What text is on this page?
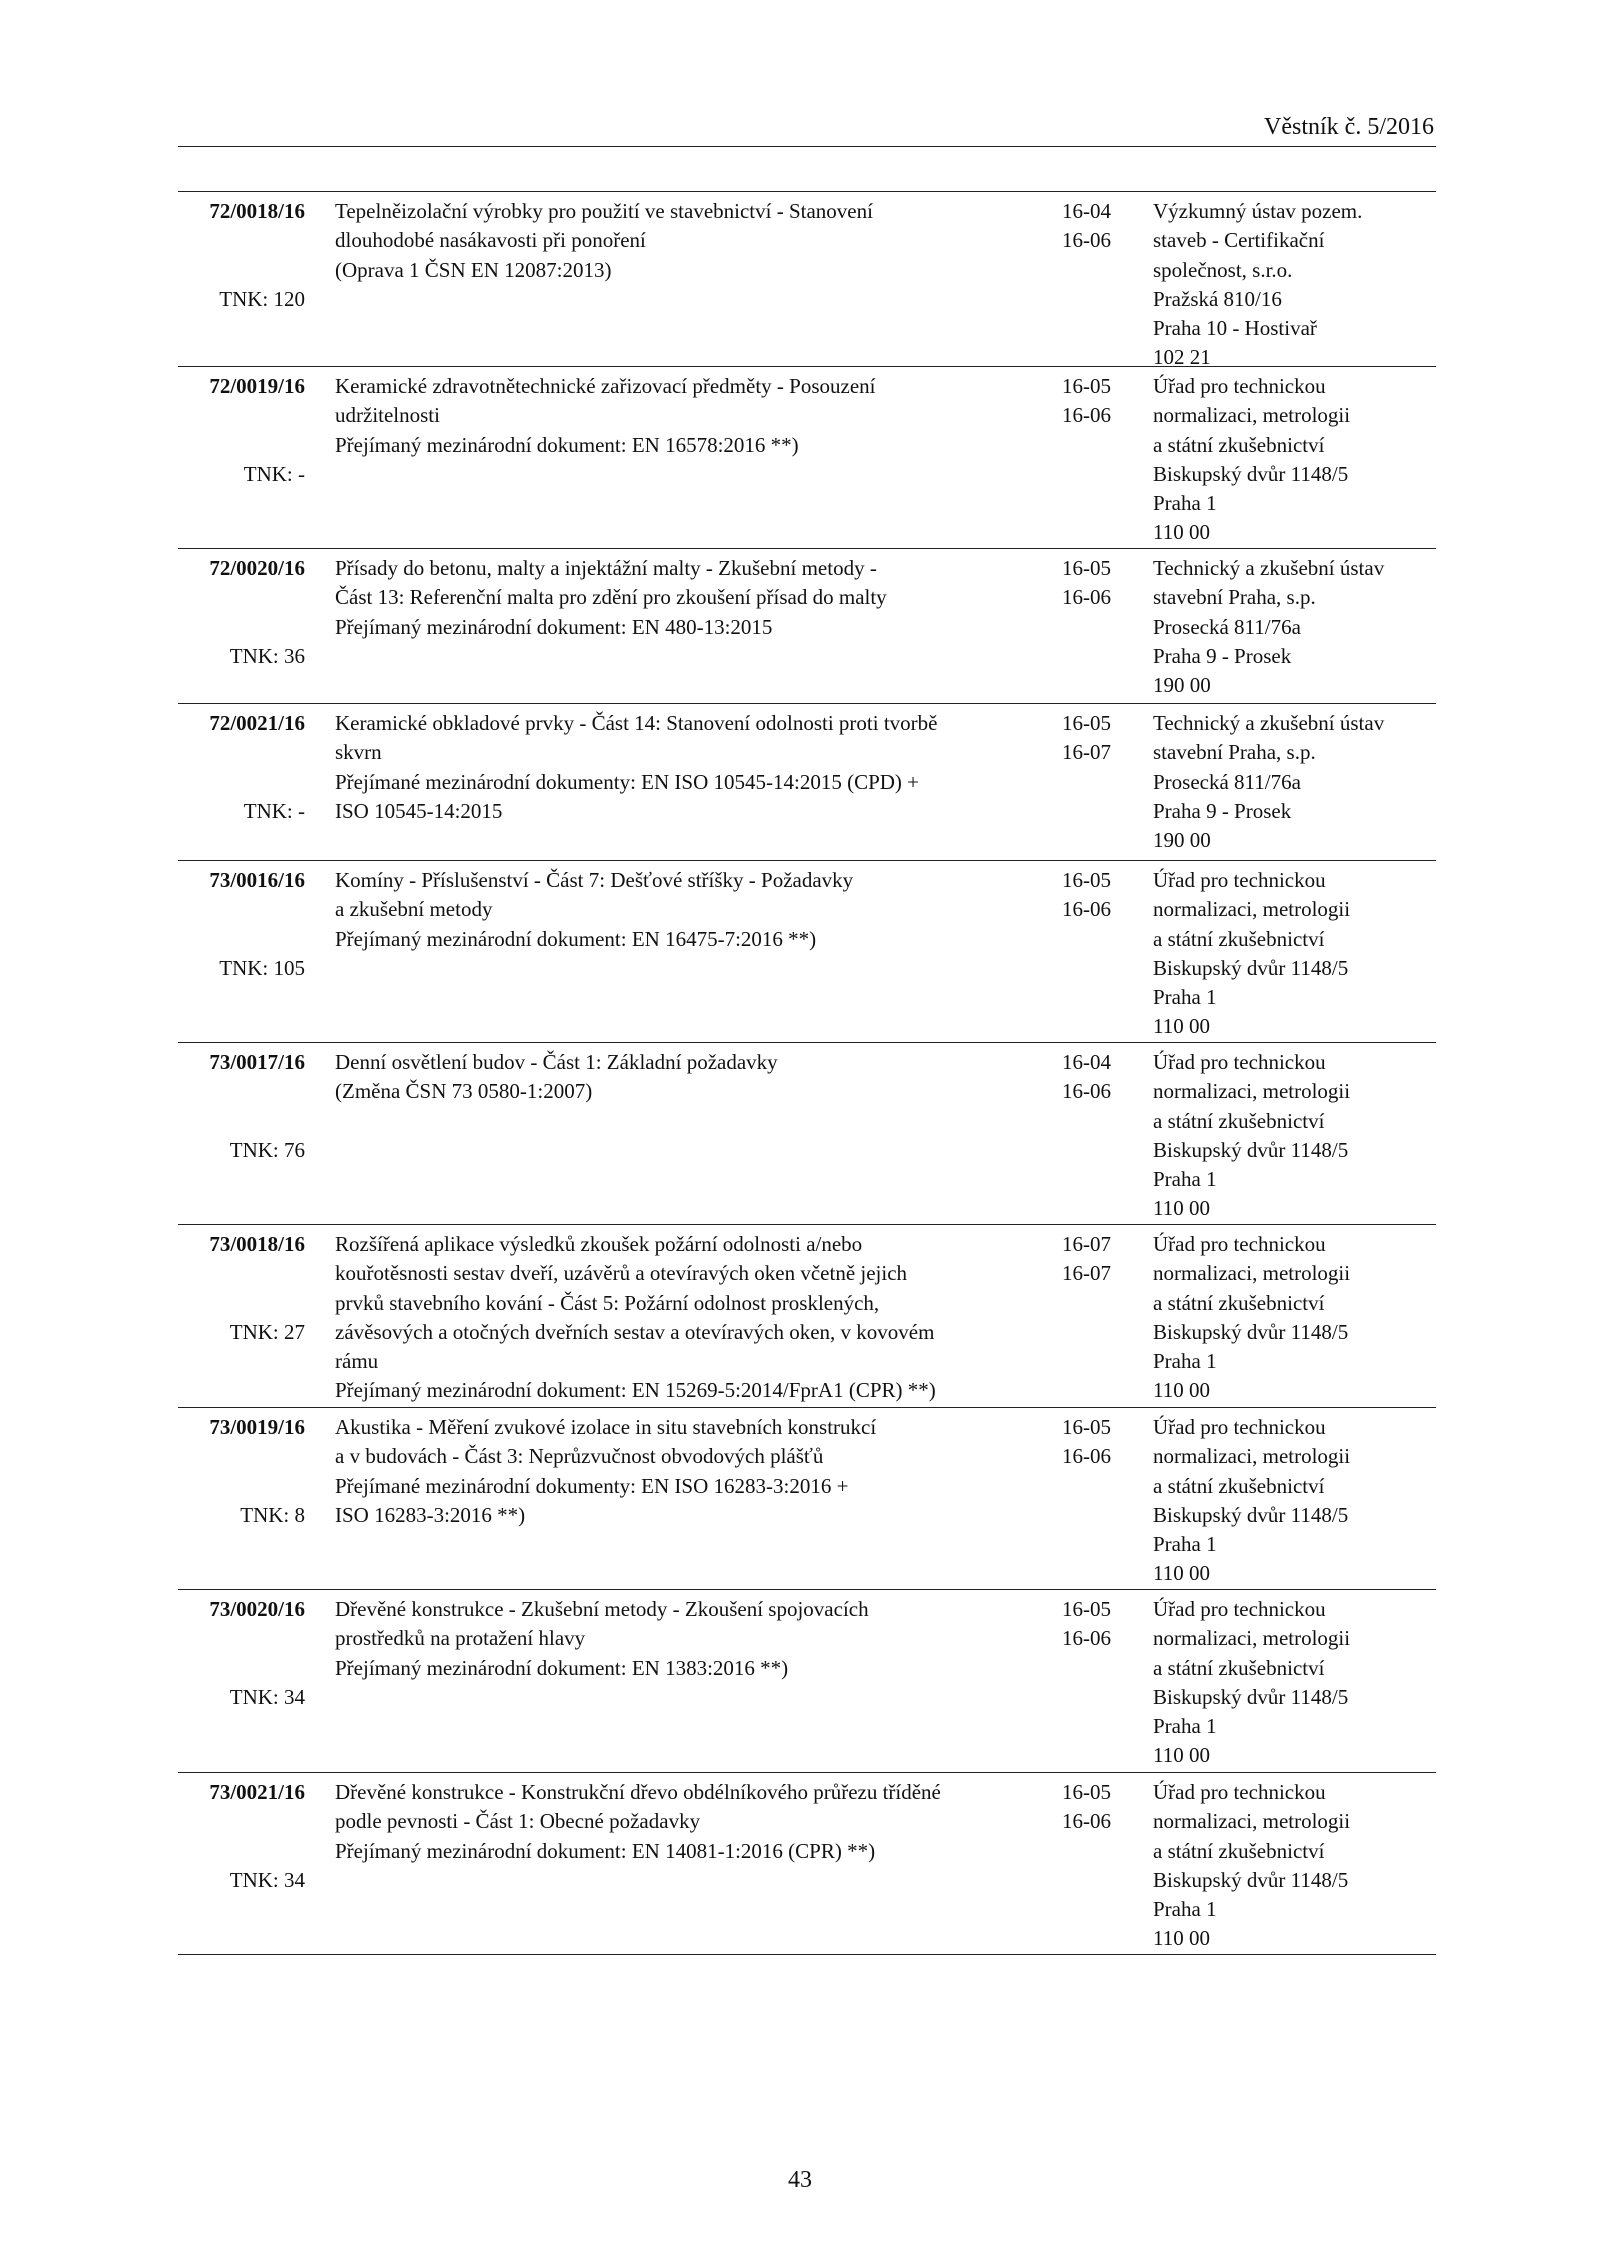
Věstník č. 5/2016
72/0018/16
TNK: 120
Tepelněizolační výrobky pro použití ve stavebnictví - Stanovení
dlouhodobé nasákavosti při ponoření
(Oprava 1 ČSN EN 12087:2013)
16-04
16-06
Výzkumný ústav pozem.
staveb - Certifikační
společnost, s.r.o.
Pražská 810/16
Praha 10 - Hostivař
102 21
72/0019/16
TNK: -
Keramické zdravotnětechnické zařizovací předměty - Posouzení
udržitelnosti
Přejímaný mezinárodní dokument: EN 16578:2016 **)
16-05
16-06
Úřad pro technickou
normalizaci, metrologii
a státní zkušebnictví
Biskupský dvůr 1148/5
Praha 1
110 00
72/0020/16
TNK: 36
Přísady do betonu, malty a injektážní malty - Zkušební metody -
Část 13: Referenční malta pro zdění pro zkoušení přísad do malty
Přejímaný mezinárodní dokument: EN 480-13:2015
16-05
16-06
Technický a zkušební ústav
stavební Praha, s.p.
Prosecká 811/76a
Praha 9 - Prosek
190 00
72/0021/16
TNK: -
Keramické obkladové prvky - Část 14: Stanovení odolnosti proti tvorbě
skvrn
Přejímané mezinárodní dokumenty: EN ISO 10545-14:2015 (CPD) +
ISO 10545-14:2015
16-05
16-07
Technický a zkušební ústav
stavební Praha, s.p.
Prosecká 811/76a
Praha 9 - Prosek
190 00
73/0016/16
TNK: 105
Komíny - Příslušenství - Část 7: Dešťové stříšky - Požadavky
a zkušební metody
Přejímaný mezinárodní dokument: EN 16475-7:2016 **)
16-05
16-06
Úřad pro technickou
normalizaci, metrologii
a státní zkušebnictví
Biskupský dvůr 1148/5
Praha 1
110 00
73/0017/16
TNK: 76
Denní osvětlení budov - Část 1: Základní požadavky
(Změna ČSN 73 0580-1:2007)
16-04
16-06
Úřad pro technickou
normalizaci, metrologii
a státní zkušebnictví
Biskupský dvůr 1148/5
Praha 1
110 00
73/0018/16
TNK: 27
Rozšířená aplikace výsledků zkoušek požární odolnosti a/nebo
kouřotěsnosti sestav dveří, uzávěrů a otevíravých oken včetně jejich
prvků stavebního kování - Část 5: Požární odolnost prosklených,
závěsových a otočných dveřních sestav a otevíravých oken, v kovovém
rámu
Přejímaný mezinárodní dokument: EN 15269-5:2014/FprA1 (CPR) **)
16-07
16-07
Úřad pro technickou
normalizaci, metrologii
a státní zkušebnictví
Biskupský dvůr 1148/5
Praha 1
110 00
73/0019/16
TNK: 8
Akustika - Měření zvukové izolace in situ stavebních konstrukcí
a v budovách - Část 3: Neprůzvučnost obvodových plášťů
Přejímané mezinárodní dokumenty: EN ISO 16283-3:2016 +
ISO 16283-3:2016 **)
16-05
16-06
Úřad pro technickou
normalizaci, metrologii
a státní zkušebnictví
Biskupský dvůr 1148/5
Praha 1
110 00
73/0020/16
TNK: 34
Dřevěné konstrukce - Zkušební metody - Zkoušení spojovacích
prostředků na protažení hlavy
Přejímaný mezinárodní dokument: EN 1383:2016 **)
16-05
16-06
Úřad pro technickou
normalizaci, metrologii
a státní zkušebnictví
Biskupský dvůr 1148/5
Praha 1
110 00
73/0021/16
TNK: 34
Dřevěné konstrukce - Konstrukční dřevo obdélníkového průřezu tříděné
podle pevnosti - Část 1: Obecné požadavky
Přejímaný mezinárodní dokument: EN 14081-1:2016 (CPR) **)
16-05
16-06
Úřad pro technickou
normalizaci, metrologii
a státní zkušebnictví
Biskupský dvůr 1148/5
Praha 1
110 00
43
